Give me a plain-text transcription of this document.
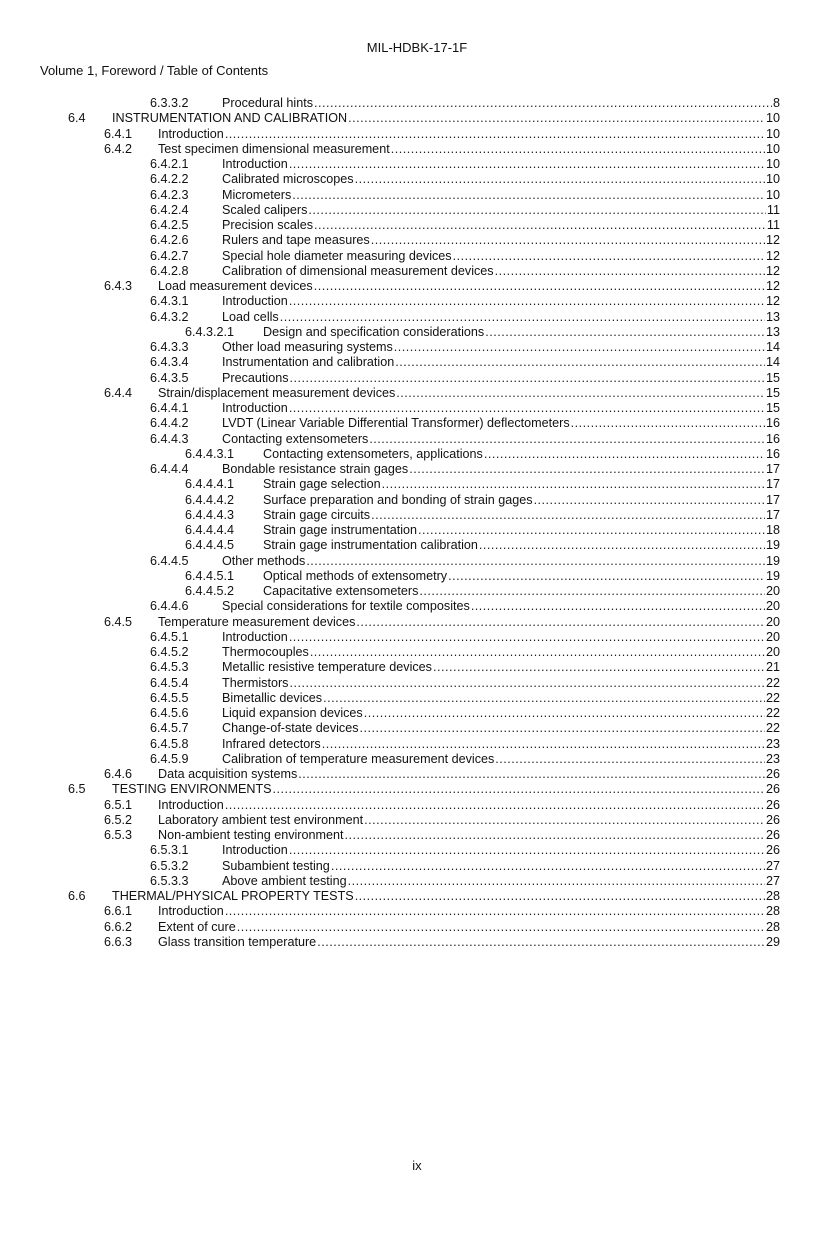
MIL-HDBK-17-1F
Volume 1, Foreword / Table of Contents
6.3.3.2	Procedural hints .....	8
6.4	INSTRUMENTATION AND CALIBRATION .....	10
6.4.1	Introduction .....	10
6.4.2	Test specimen dimensional measurement .....	10
6.4.2.1	Introduction .....	10
6.4.2.2	Calibrated microscopes .....	10
6.4.2.3	Micrometers .....	10
6.4.2.4	Scaled calipers .....	11
6.4.2.5	Precision scales .....	11
6.4.2.6	Rulers and tape measures .....	12
6.4.2.7	Special hole diameter measuring devices .....	12
6.4.2.8	Calibration of dimensional measurement devices .....	12
6.4.3	Load measurement devices .....	12
6.4.3.1	Introduction .....	12
6.4.3.2	Load cells .....	13
6.4.3.2.1	Design and specification considerations .....	13
6.4.3.3	Other load measuring systems .....	14
6.4.3.4	Instrumentation and calibration .....	14
6.4.3.5	Precautions .....	15
6.4.4	Strain/displacement measurement devices .....	15
6.4.4.1	Introduction .....	15
6.4.4.2	LVDT (Linear Variable Differential Transformer) deflectometers .....	16
6.4.4.3	Contacting extensometers .....	16
6.4.4.3.1	Contacting extensometers, applications .....	16
6.4.4.4	Bondable resistance strain gages .....	17
6.4.4.4.1	Strain gage selection .....	17
6.4.4.4.2	Surface preparation and bonding of strain gages .....	17
6.4.4.4.3	Strain gage circuits .....	17
6.4.4.4.4	Strain gage instrumentation .....	18
6.4.4.4.5	Strain gage instrumentation calibration .....	19
6.4.4.5	Other methods .....	19
6.4.4.5.1	Optical methods of extensometry .....	19
6.4.4.5.2	Capacitative extensometers .....	20
6.4.4.6	Special considerations for textile composites .....	20
6.4.5	Temperature measurement devices .....	20
6.4.5.1	Introduction .....	20
6.4.5.2	Thermocouples .....	20
6.4.5.3	Metallic resistive temperature devices .....	21
6.4.5.4	Thermistors .....	22
6.4.5.5	Bimetallic devices .....	22
6.4.5.6	Liquid expansion devices .....	22
6.4.5.7	Change-of-state devices .....	22
6.4.5.8	Infrared detectors .....	23
6.4.5.9	Calibration of temperature measurement devices .....	23
6.4.6	Data acquisition systems .....	26
6.5	TESTING ENVIRONMENTS .....	26
6.5.1	Introduction .....	26
6.5.2	Laboratory ambient test environment .....	26
6.5.3	Non-ambient testing environment .....	26
6.5.3.1	Introduction .....	26
6.5.3.2	Subambient testing .....	27
6.5.3.3	Above ambient testing .....	27
6.6	THERMAL/PHYSICAL PROPERTY TESTS .....	28
6.6.1	Introduction .....	28
6.6.2	Extent of cure .....	28
6.6.3	Glass transition temperature .....	29
ix
